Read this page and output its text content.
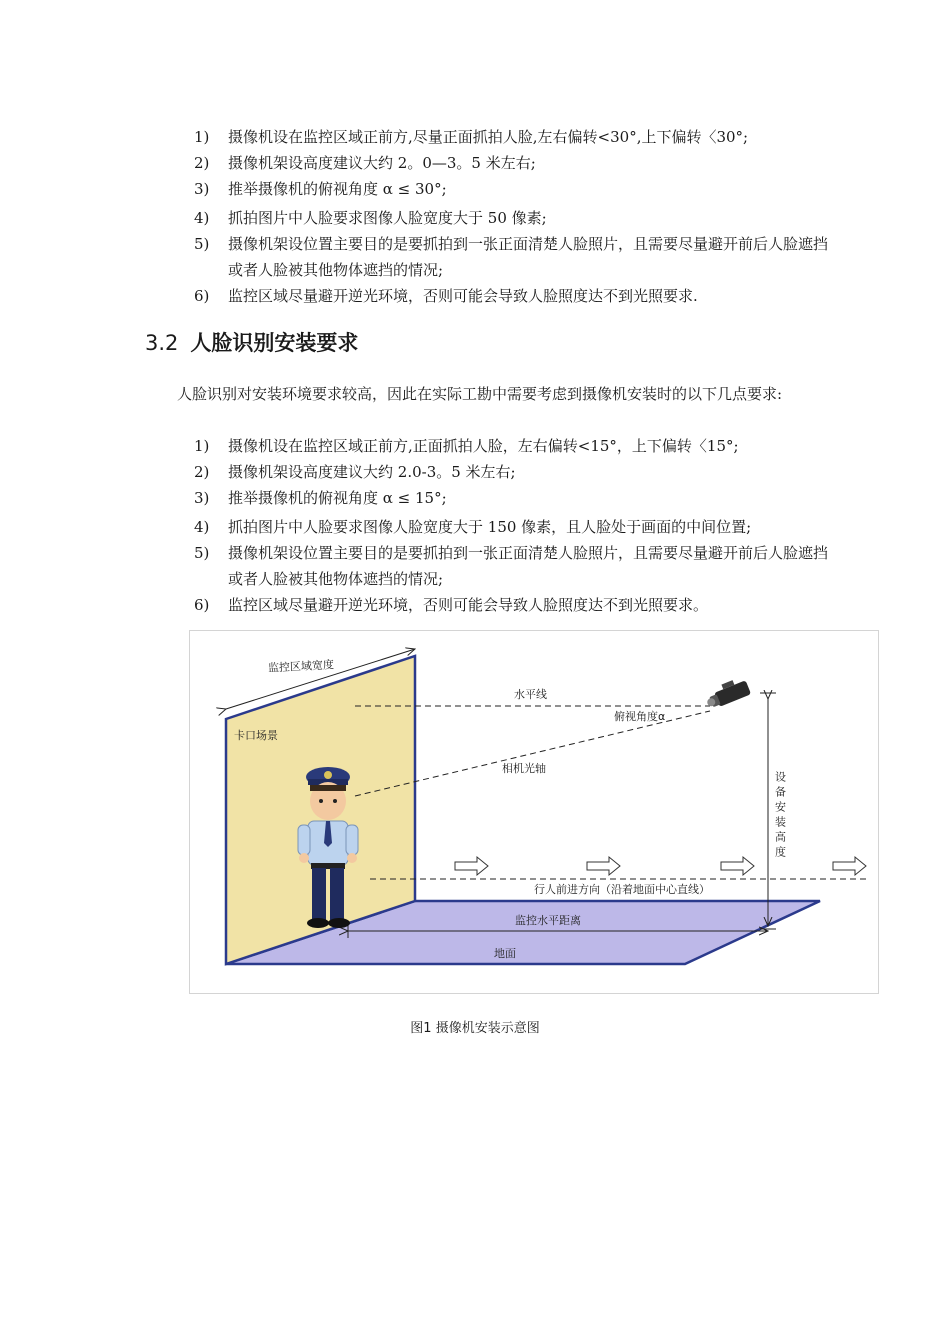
1) 摄像机设在监控区域正前方,尽量正面抓拍人脸,左右偏转<30°,上下偏转〈30°;
2) 摄像机架设高度建议大约 2。0—3。5 米左右;
3) 推举摄像机的俯视角度 α ≤ 30°;
4) 抓拍图片中人脸要求图像人脸宽度大于 50 像素;
5) 摄像机架设位置主要目的是要抓拍到一张正面清楚人脸照片，且需要尽量避开前后人脸遮挡或者人脸被其他物体遮挡的情况;
6) 监控区域尽量避开逆光环境，否则可能会导致人脸照度达不到光照要求.
3.2 人脸识别安装要求
人脸识别对安装环境要求较高，因此在实际工勘中需要考虑到摄像机安装时的以下几点要求:
1) 摄像机设在监控区域正前方,正面抓拍人脸，左右偏转<15°，上下偏转〈15°;
2) 摄像机架设高度建议大约 2.0-3。5 米左右;
3) 推举摄像机的俯视角度 α ≤ 15°;
4) 抓拍图片中人脸要求图像人脸宽度大于 150 像素，且人脸处于画面的中间位置;
5) 摄像机架设位置主要目的是要抓拍到一张正面清楚人脸照片，且需要尽量避开前后人脸遮挡或者人脸被其他物体遮挡的情况;
6) 监控区域尽量避开逆光环境，否则可能会导致人脸照度达不到光照要求。
监控区域宽度
卡口场景
水平线
俯视角度α
相机光轴
行人前进方向（沿着地面中心直线）
监控水平距离
地面
设备安装高度
图1 摄像机安装示意图
